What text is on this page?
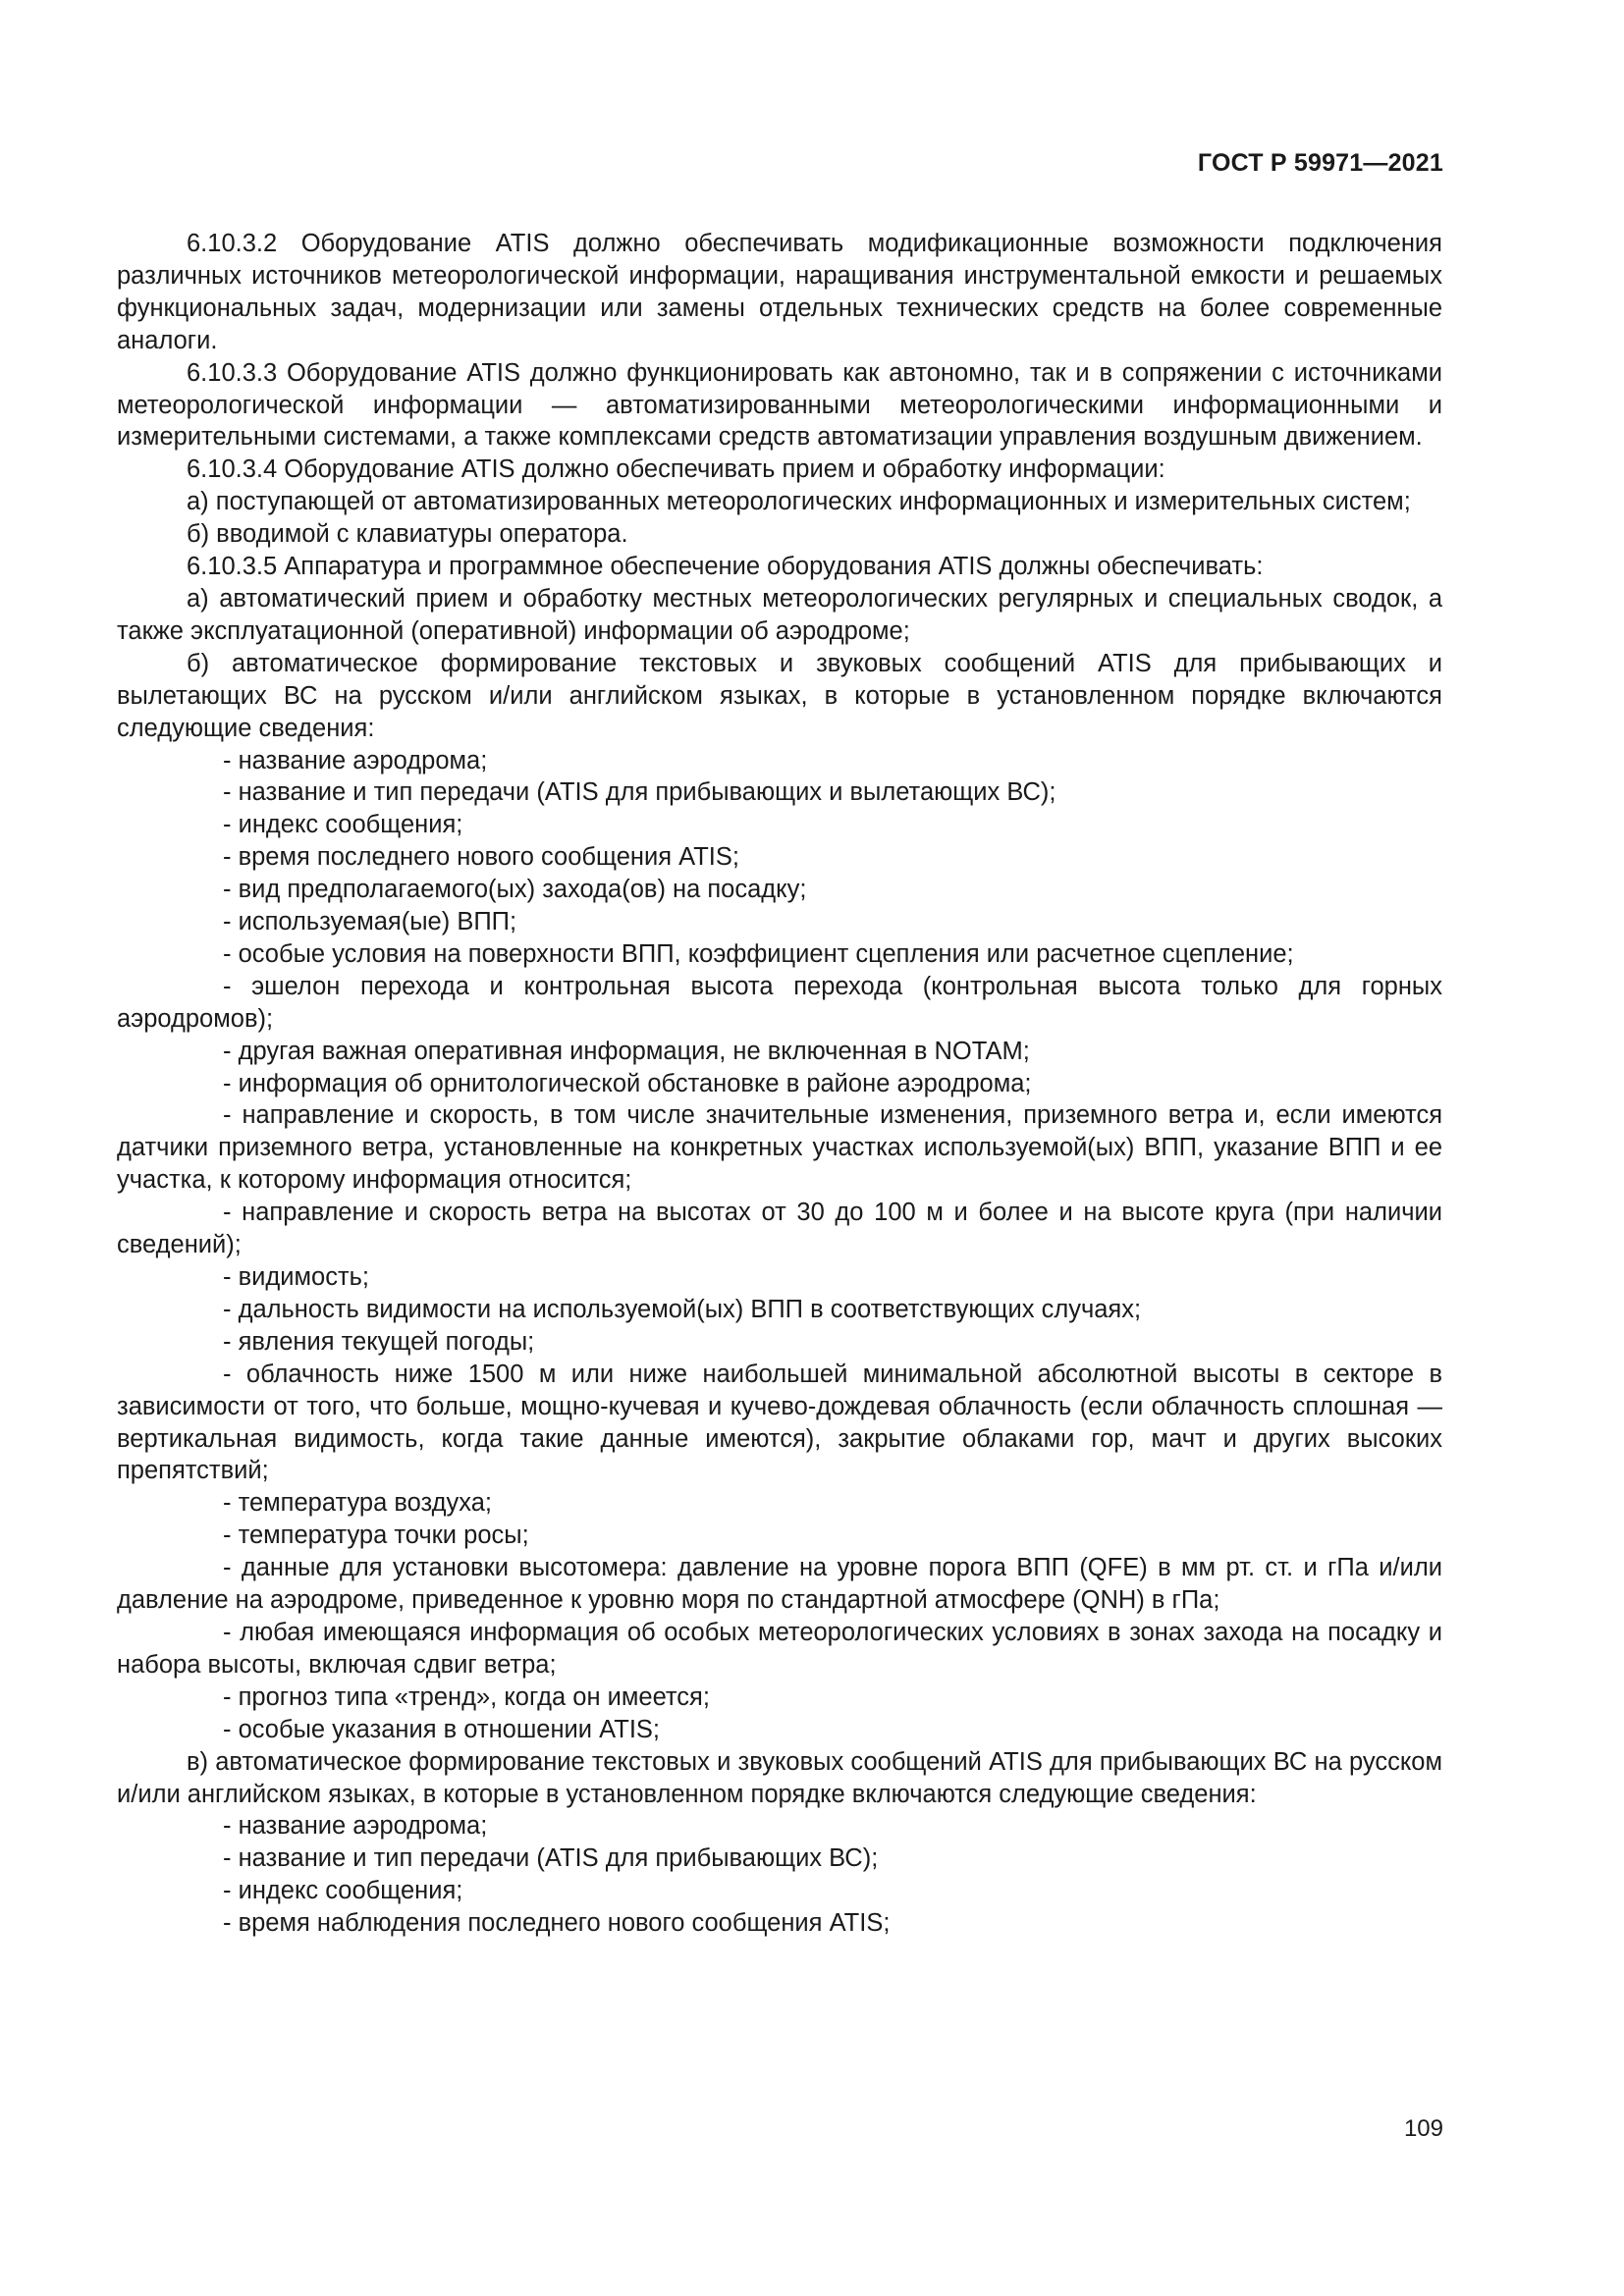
ГОСТ Р 59971—2021

6.10.3.2 Оборудование ATIS должно обеспечивать модификационные возможности подключения различных источников метеорологической информации, наращивания инструментальной емкости и решаемых функциональных задач, модернизации или замены отдельных технических средств на более современные аналоги.

6.10.3.3 Оборудование ATIS должно функционировать как автономно, так и в сопряжении с источниками метеорологической информации — автоматизированными метеорологическими информационными и измерительными системами, а также комплексами средств автоматизации управления воздушным движением.

6.10.3.4 Оборудование ATIS должно обеспечивать прием и обработку информации:

а) поступающей от автоматизированных метеорологических информационных и измерительных систем;

б) вводимой с клавиатуры оператора.

6.10.3.5 Аппаратура и программное обеспечение оборудования ATIS должны обеспечивать:

а) автоматический прием и обработку местных метеорологических регулярных и специальных сводок, а также эксплуатационной (оперативной) информации об аэродроме;

б) автоматическое формирование текстовых и звуковых сообщений ATIS для прибывающих и вылетающих ВС на русском и/или английском языках, в которые в установленном порядке включаются следующие сведения:

- название аэродрома;

- название и тип передачи (ATIS для прибывающих и вылетающих ВС);

- индекс сообщения;

- время последнего нового сообщения ATIS;

- вид предполагаемого(ых) захода(ов) на посадку;

- используемая(ые) ВПП;

- особые условия на поверхности ВПП, коэффициент сцепления или расчетное сцепление;

- эшелон перехода и контрольная высота перехода (контрольная высота только для горных аэродромов);

- другая важная оперативная информация, не включенная в NOTAM;

- информация об орнитологической обстановке в районе аэродрома;

- направление и скорость, в том числе значительные изменения, приземного ветра и, если имеются датчики приземного ветра, установленные на конкретных участках используемой(ых) ВПП, указание ВПП и ее участка, к которому информация относится;

- направление и скорость ветра на высотах от 30 до 100 м и более и на высоте круга (при наличии сведений);

- видимость;

- дальность видимости на используемой(ых) ВПП в соответствующих случаях;

- явления текущей погоды;

- облачность ниже 1500 м или ниже наибольшей минимальной абсолютной высоты в секторе в зависимости от того, что больше, мощно-кучевая и кучево-дождевая облачность (если облачность сплошная — вертикальная видимость, когда такие данные имеются), закрытие облаками гор, мачт и других высоких препятствий;

- температура воздуха;

- температура точки росы;

- данные для установки высотомера: давление на уровне порога ВПП (QFE) в мм рт. ст. и гПа и/или давление на аэродроме, приведенное к уровню моря по стандартной атмосфере (QNH) в гПа;

- любая имеющаяся информация об особых метеорологических условиях в зонах захода на посадку и набора высоты, включая сдвиг ветра;

- прогноз типа «тренд», когда он имеется;

- особые указания в отношении ATIS;

в) автоматическое формирование текстовых и звуковых сообщений ATIS для прибывающих ВС на русском и/или английском языках, в которые в установленном порядке включаются следующие сведения:

- название аэродрома;

- название и тип передачи (ATIS для прибывающих ВС);

- индекс сообщения;

- время наблюдения последнего нового сообщения ATIS;

109
